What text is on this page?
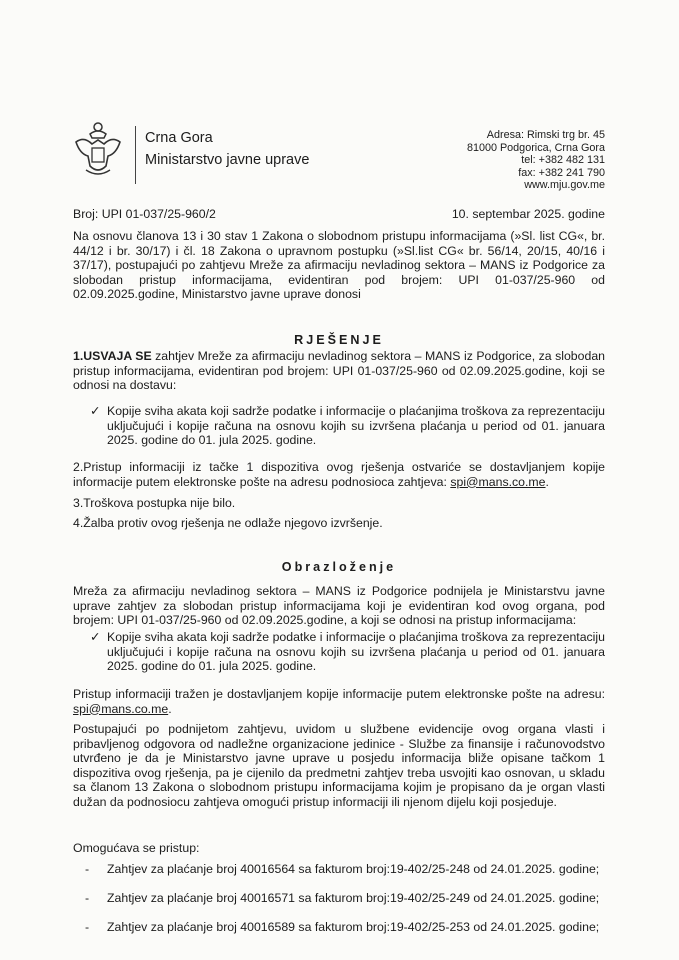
Crna Gora
Ministarstvo javne uprave
Adresa: Rimski trg br. 45
81000 Podgorica, Crna Gora
tel: +382 482 131
fax: +382 241 790
www.mju.gov.me
Broj: UPI 01-037/25-960/2	10. septembar 2025. godine

Na osnovu članova 13 i 30 stav 1 Zakona o slobodnom pristupu informacijama (»Sl. list CG«, br. 44/12 i br. 30/17) i čl. 18 Zakona o upravnom postupku (»Sl.list CG« br. 56/14, 20/15, 40/16 i 37/17), postupajući po zahtjevu Mreže za afirmaciju nevladinog sektora – MANS iz Podgorice za slobodan pristup informacijama, evidentiran pod brojem: UPI 01-037/25-960 od 02.09.2025.godine, Ministarstvo javne uprave donosi

RJEŠENJE

1.USVAJA SE zahtjev Mreže za afirmaciju nevladinog sektora – MANS iz Podgorice, za slobodan pristup informacijama, evidentiran pod brojem: UPI 01-037/25-960 od 02.09.2025.godine, koji se odnosi na dostavu:

✓ Kopije sviha akata koji sadrže podatke i informacije o plaćanjima troškova za reprezentaciju uključujući i kopije računa na osnovu kojih su izvršena plaćanja u period od 01. januara 2025. godine do 01. jula 2025. godine.

2.Pristup informaciji iz tačke 1 dispozitiva ovog rješenja ostvariće se dostavljanjem kopije informacije putem elektronske pošte na adresu podnosioca zahtjeva: spi@mans.co.me.

3.Troškova postupka nije bilo.

4.Žalba protiv ovog rješenja ne odlaže njegovo izvršenje.

Obrazloženje

Mreža za afirmaciju nevladinog sektora – MANS iz Podgorice podnijela je Ministarstvu javne uprave zahtjev za slobodan pristup informacijama koji je evidentiran kod ovog organa, pod brojem: UPI 01-037/25-960 od 02.09.2025.godine, a koji se odnosi na pristup informacijama:

✓ Kopije sviha akata koji sadrže podatke i informacije o plaćanjima troškova za reprezentaciju uključujući i kopije računa na osnovu kojih su izvršena plaćanja u period od 01. januara 2025. godine do 01. jula 2025. godine.

Pristup informaciji tražen je dostavljanjem kopije informacije putem elektronske pošte na adresu: spi@mans.co.me.

Postupajući po podnijetom zahtjevu, uvidom u službene evidencije ovog organa vlasti i pribavljenog odgovora od nadležne organizacione jedinice - Službe za finansije i računovodstvo utvrđeno je da je Ministarstvo javne uprave u posjedu informacija bliže opisane tačkom 1 dispozitiva ovog rješenja, pa je cijenilo da predmetni zahtjev treba usvojiti kao osnovan, u skladu sa članom 13 Zakona o slobodnom pristupu informacijama kojim je propisano da je organ vlasti dužan da podnosiocu zahtjeva omogući pristup informaciji ili njenom dijelu koji posjeduje.

Omogućava se pristup:

- Zahtjev za plaćanje broj 40016564 sa fakturom broj:19-402/25-248 od 24.01.2025. godine;

- Zahtjev za plaćanje broj 40016571 sa fakturom broj:19-402/25-249 od 24.01.2025. godine;

- Zahtjev za plaćanje broj 40016589 sa fakturom broj:19-402/25-253 od 24.01.2025. godine;
